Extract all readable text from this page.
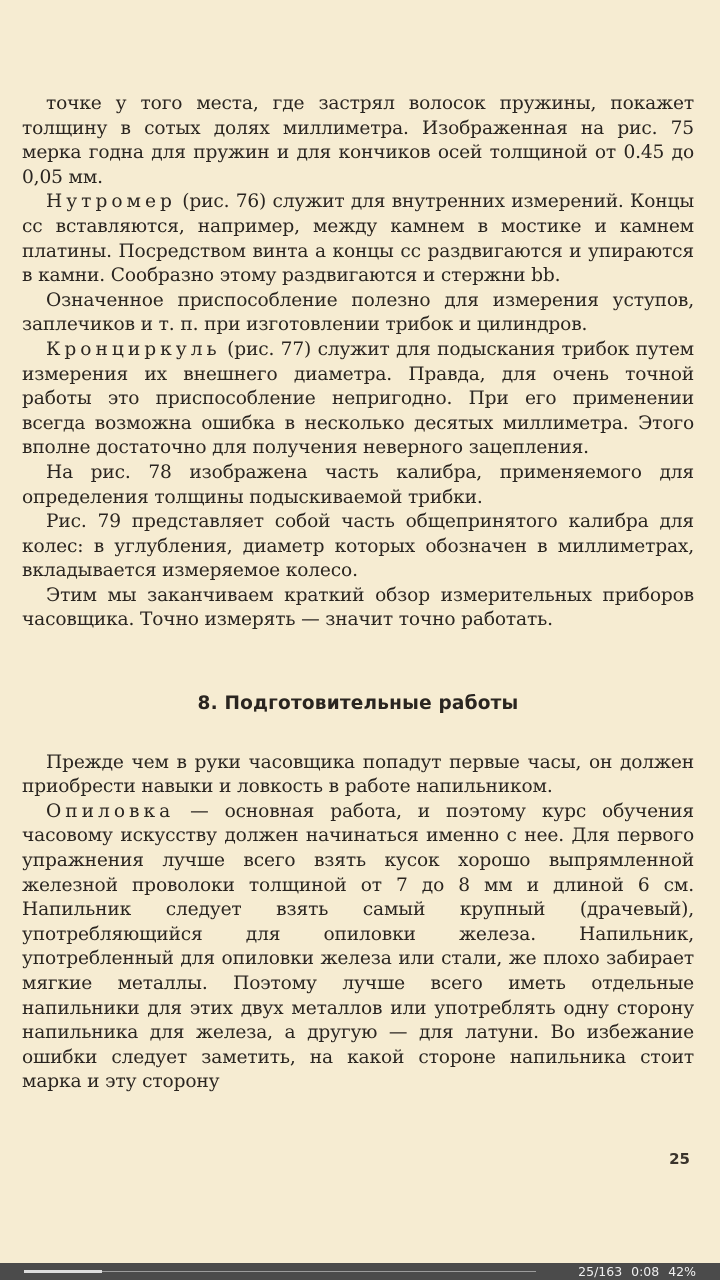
точке у того места, где застрял волосок пружины, покажет толщину в сотых долях миллиметра. Изображенная на рис. 75 мерка годна для пружин и для кончиков осей толщиной от 0.45 до 0,05 мм.

Нутромер (рис. 76) служит для внутренних измерений. Концы cc вставляются, например, между камнем в мостике и камнем платины. Посредством винта a концы cc раздвигаются и упираются в камни. Сообразно этому раздвигаются и стержни bb.

Означенное приспособление полезно для измерения уступов, заплечиков и т. п. при изготовлении трибок и цилиндров.

Кронциркуль (рис. 77) служит для подыскания трибок путем измерения их внешнего диаметра. Правда, для очень точной работы это приспособление непригодно. При его применении всегда возможна ошибка в несколько десятых миллиметра. Этого вполне достаточно для получения неверного зацепления.

На рис. 78 изображена часть калибра, применяемого для определения толщины подыскиваемой трибки.

Рис. 79 представляет собой часть общепринятого калибра для колес: в углубления, диаметр которых обозначен в миллиметрах, вкладывается измеряемое колесо.

Этим мы заканчиваем краткий обзор измерительных приборов часовщика. Точно измерять — значит точно работать.

8. Подготовительные работы

Прежде чем в руки часовщика попадут первые часы, он должен приобрести навыки и ловкость в работе напильником.

Опиловка — основная работа, и поэтому курс обучения часовому искусству должен начинаться именно с нее. Для первого упражнения лучше всего взять кусок хорошо выпрямленной железной проволоки толщиной от 7 до 8 мм и длиной 6 см. Напильник следует взять самый крупный (драчевый), употребляющийся для опиловки железа. Напильник, употребленный для опиловки железа или стали, же плохо забирает мягкие металлы. Поэтому лучше всего иметь отдельные напильники для этих двух металлов или употреблять одну сторону напильника для железа, а другую — для латуни. Во избежание ошибки следует заметить, на какой стороне напильника стоит марка и эту сторону

25
25/163 0:08 42%
